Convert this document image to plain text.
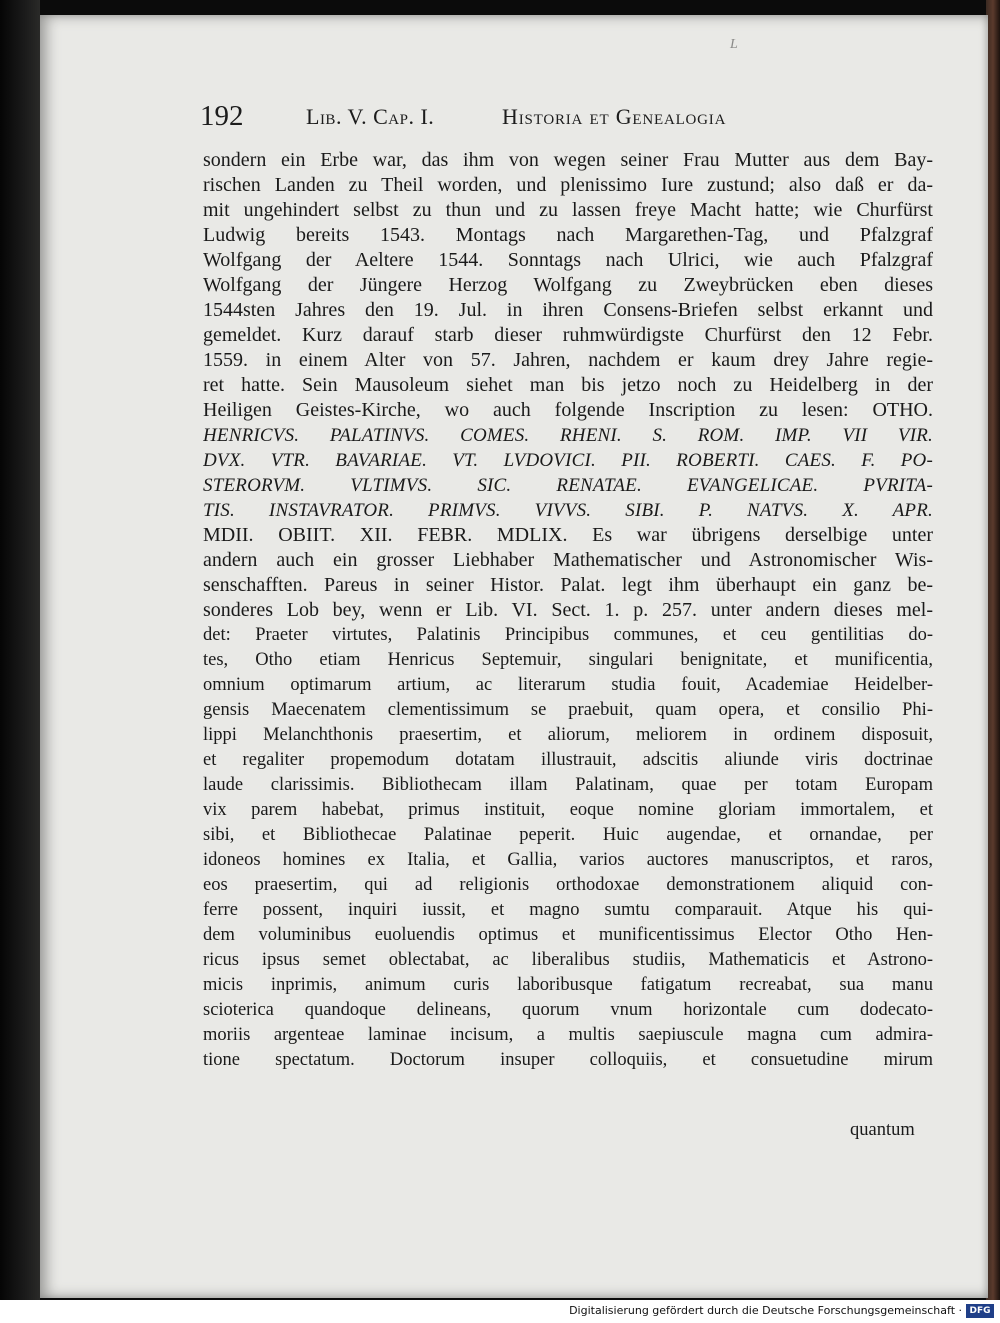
L
192	Lib. V. Cap. I.	Historia et Genealogia
sondern ein Erbe war, das ihm von wegen seiner Frau Mutter aus dem Bay-
rischen Landen zu Theil worden, und plenissimo Iure zustund; also daß er da-
mit ungehindert selbst zu thun und zu lassen freye Macht hatte; wie Churfürst
Ludwig bereits 1543. Montags nach Margarethen-Tag, und Pfalzgraf
Wolfgang der Aeltere 1544. Sonntags nach Ulrici, wie auch Pfalzgraf
Wolfgang der Jüngere Herzog Wolfgang zu Zweybrücken eben dieses
1544sten Jahres den 19. Jul. in ihren Consens-Briefen selbst erkannt und
gemeldet. Kurz darauf starb dieser ruhmwürdigste Churfürst den 12 Febr.
1559. in einem Alter von 57. Jahren, nachdem er kaum drey Jahre regie-
ret hatte. Sein Mausoleum siehet man bis jetzo noch zu Heidelberg in der
Heiligen Geistes-Kirche, wo auch folgende Inscription zu lesen: OTHO.
HENRICVS. PALATINVS. COMES. RHENI. S. ROM. IMP. VII VIR.
DVX. VTR. BAVARIAE. VT. LVDOVICI. PII. ROBERTI. CAES. F. PO-
STERORVM. VLTIMVS. SIC. RENATAE. EVANGELICAE. PVRITA-
TIS. INSTAVRATOR. PRIMVS. VIVVS. SIBI. P. NATVS. X. APR.
MDII. OBIIT. XII. FEBR. MDLIX. Es war übrigens derselbige unter
andern auch ein grosser Liebhaber Mathematischer und Astronomischer Wis-
senschafften. Pareus in seiner Histor. Palat. legt ihm überhaupt ein ganz be-
sonderes Lob bey, wenn er Lib. VI. Sect. 1. p. 257. unter andern dieses mel-
det: Praeter virtutes, Palatinis Principibus communes, et ceu gentilitias do-
tes, Otho etiam Henricus Septemuir, singulari benignitate, et munificentia,
omnium optimarum artium, ac literarum studia fouit, Academiae Heidelber-
gensis Maecenatem clementissimum se praebuit, quam opera, et consilio Phi-
lippi Melanchthonis praesertim, et aliorum, meliorem in ordinem disposuit,
et regaliter propemodum dotatam illustrauit, adscitis aliunde viris doctrinae
laude clarissimis. Bibliothecam illam Palatinam, quae per totam Europam
vix parem habebat, primus instituit, eoque nomine gloriam immortalem, et
sibi, et Bibliothecae Palatinae peperit. Huic augendae, et ornandae, per
idoneos homines ex Italia, et Gallia, varios auctores manuscriptos, et raros,
eos praesertim, qui ad religionis orthodoxae demonstrationem aliquid con-
ferre possent, inquiri iussit, et magno sumtu comparauit. Atque his qui-
dem voluminibus euoluendis optimus et munificentissimus Elector Otho Hen-
ricus ipsus semet oblectabat, ac liberalibus studiis, Mathematicis et Astrono-
micis inprimis, animum curis laboribusque fatigatum recreabat, sua manu
scioterica quandoque delineans, quorum vnum horizontale cum dodecato-
moriis argenteae laminae incisum, a multis saepiuscule magna cum admira-
tione spectatum. Doctorum insuper colloquiis, et consuetudine mirum
quantum
Digitalisierung gefördert durch die Deutsche Forschungsgemeinschaft · DFG
